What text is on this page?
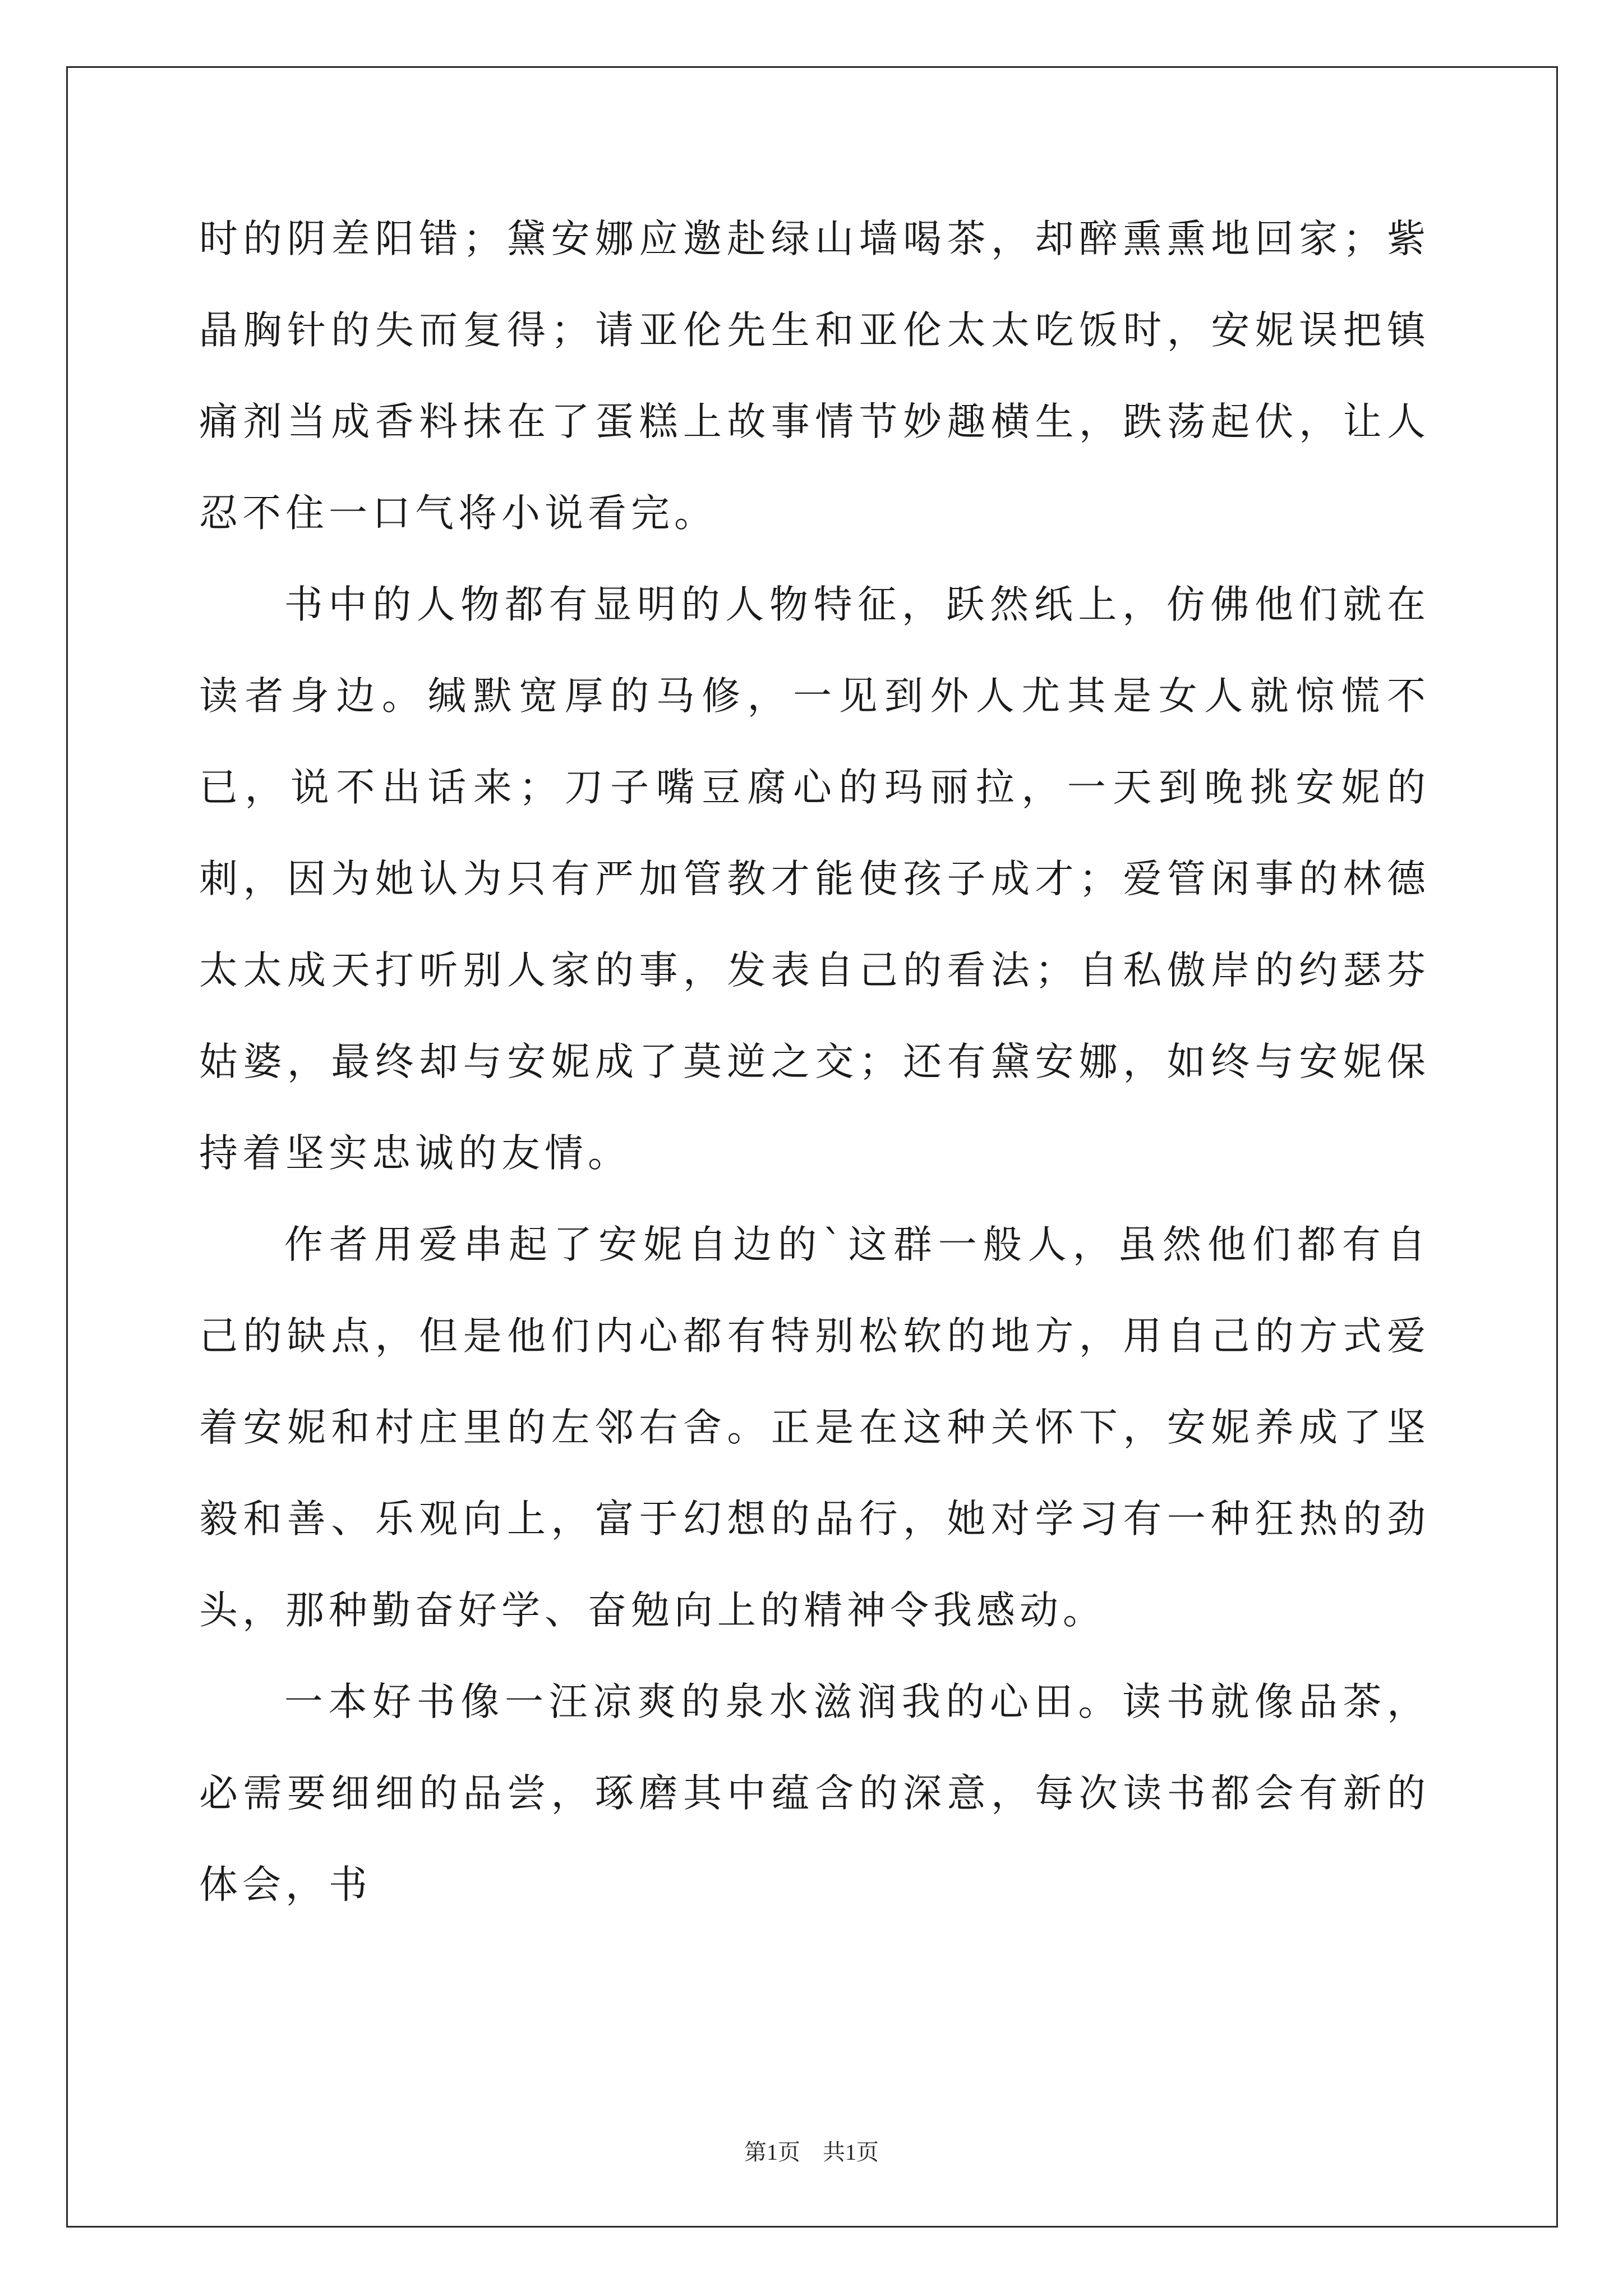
时的阴差阳错；黛安娜应邀赴绿山墙喝茶，却醉熏熏地回家；紫晶胸针的失而复得；请亚伦先生和亚伦太太吃饭时，安妮误把镇痛剂当成香料抹在了蛋糕上故事情节妙趣横生，跌荡起伏，让人忍不住一口气将小说看完。

书中的人物都有显明的人物特征，跃然纸上，仿佛他们就在读者身边。缄默宽厚的马修，一见到外人尤其是女人就惊慌不已，说不出话来；刀子嘴豆腐心的玛丽拉，一天到晚挑安妮的刺，因为她认为只有严加管教才能使孩子成才；爱管闲事的林德太太成天打听别人家的事，发表自己的看法；自私傲岸的约瑟芬姑婆，最终却与安妮成了莫逆之交；还有黛安娜，如终与安妮保持着坚实忠诚的友情。

作者用爱串起了安妮自边的`这群一般人，虽然他们都有自己的缺点，但是他们内心都有特别松软的地方，用自己的方式爱着安妮和村庄里的左邻右舍。正是在这种关怀下，安妮养成了坚毅和善、乐观向上，富于幻想的品行，她对学习有一种狂热的劲头，那种勤奋好学、奋勉向上的精神令我感动。

一本好书像一汪凉爽的泉水滋润我的心田。读书就像品茶，必需要细细的品尝，琢磨其中蕴含的深意，每次读书都会有新的体会，书

第1页 共1页
